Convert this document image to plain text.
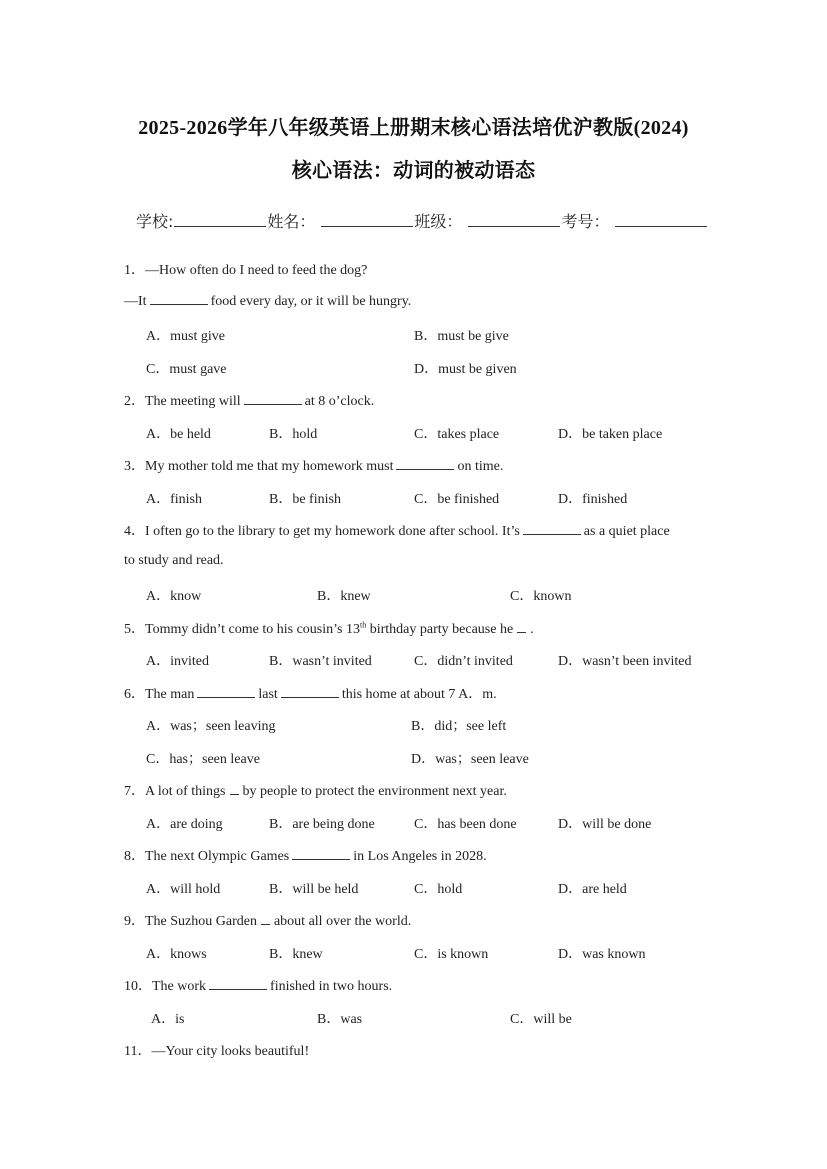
2025-2026学年八年级英语上册期末核心语法培优沪教版(2024)
核心语法：动词的被动语态
学校:	姓名：	班级：	考号：
1．—How often do I need to feed the dog?
—It	food every day, or it will be hungry.
A．must give	B．must be give
C．must gave	D．must be given
2．The meeting will	at 8 o’clock.
A．be held	B．hold	C．takes place	D．be taken place
3．My mother told me that my homework must	on time.
A．finish	B．be finish	C．be finished	D．finished
4．I often go to the library to get my homework done after school. It’s	as a quiet place
to study and read.
A．know	B．knew	C．known
5．Tommy didn’t come to his cousin’s 13th birthday party because he .
A．invited	B．wasn’t invited	C．didn’t invited	D．wasn’t been invited
6．The man	last	this home at about 7 A．m.
A．was；seen leaving	B．did；see left
C．has；seen leave	D．was；seen leave
7．A lot of things by people to protect the environment next year.
A．are doing	B．are being done	C．has been done	D．will be done
8．The next Olympic Games	in Los Angeles in 2028.
A．will hold	B．will be held	C．hold	D．are held
9．The Suzhou Garden about all over the world.
A．knows	B．knew	C．is known	D．was known
10．The work	finished in two hours.
A．is	B．was	C．will be
11．—Your city looks beautiful!
